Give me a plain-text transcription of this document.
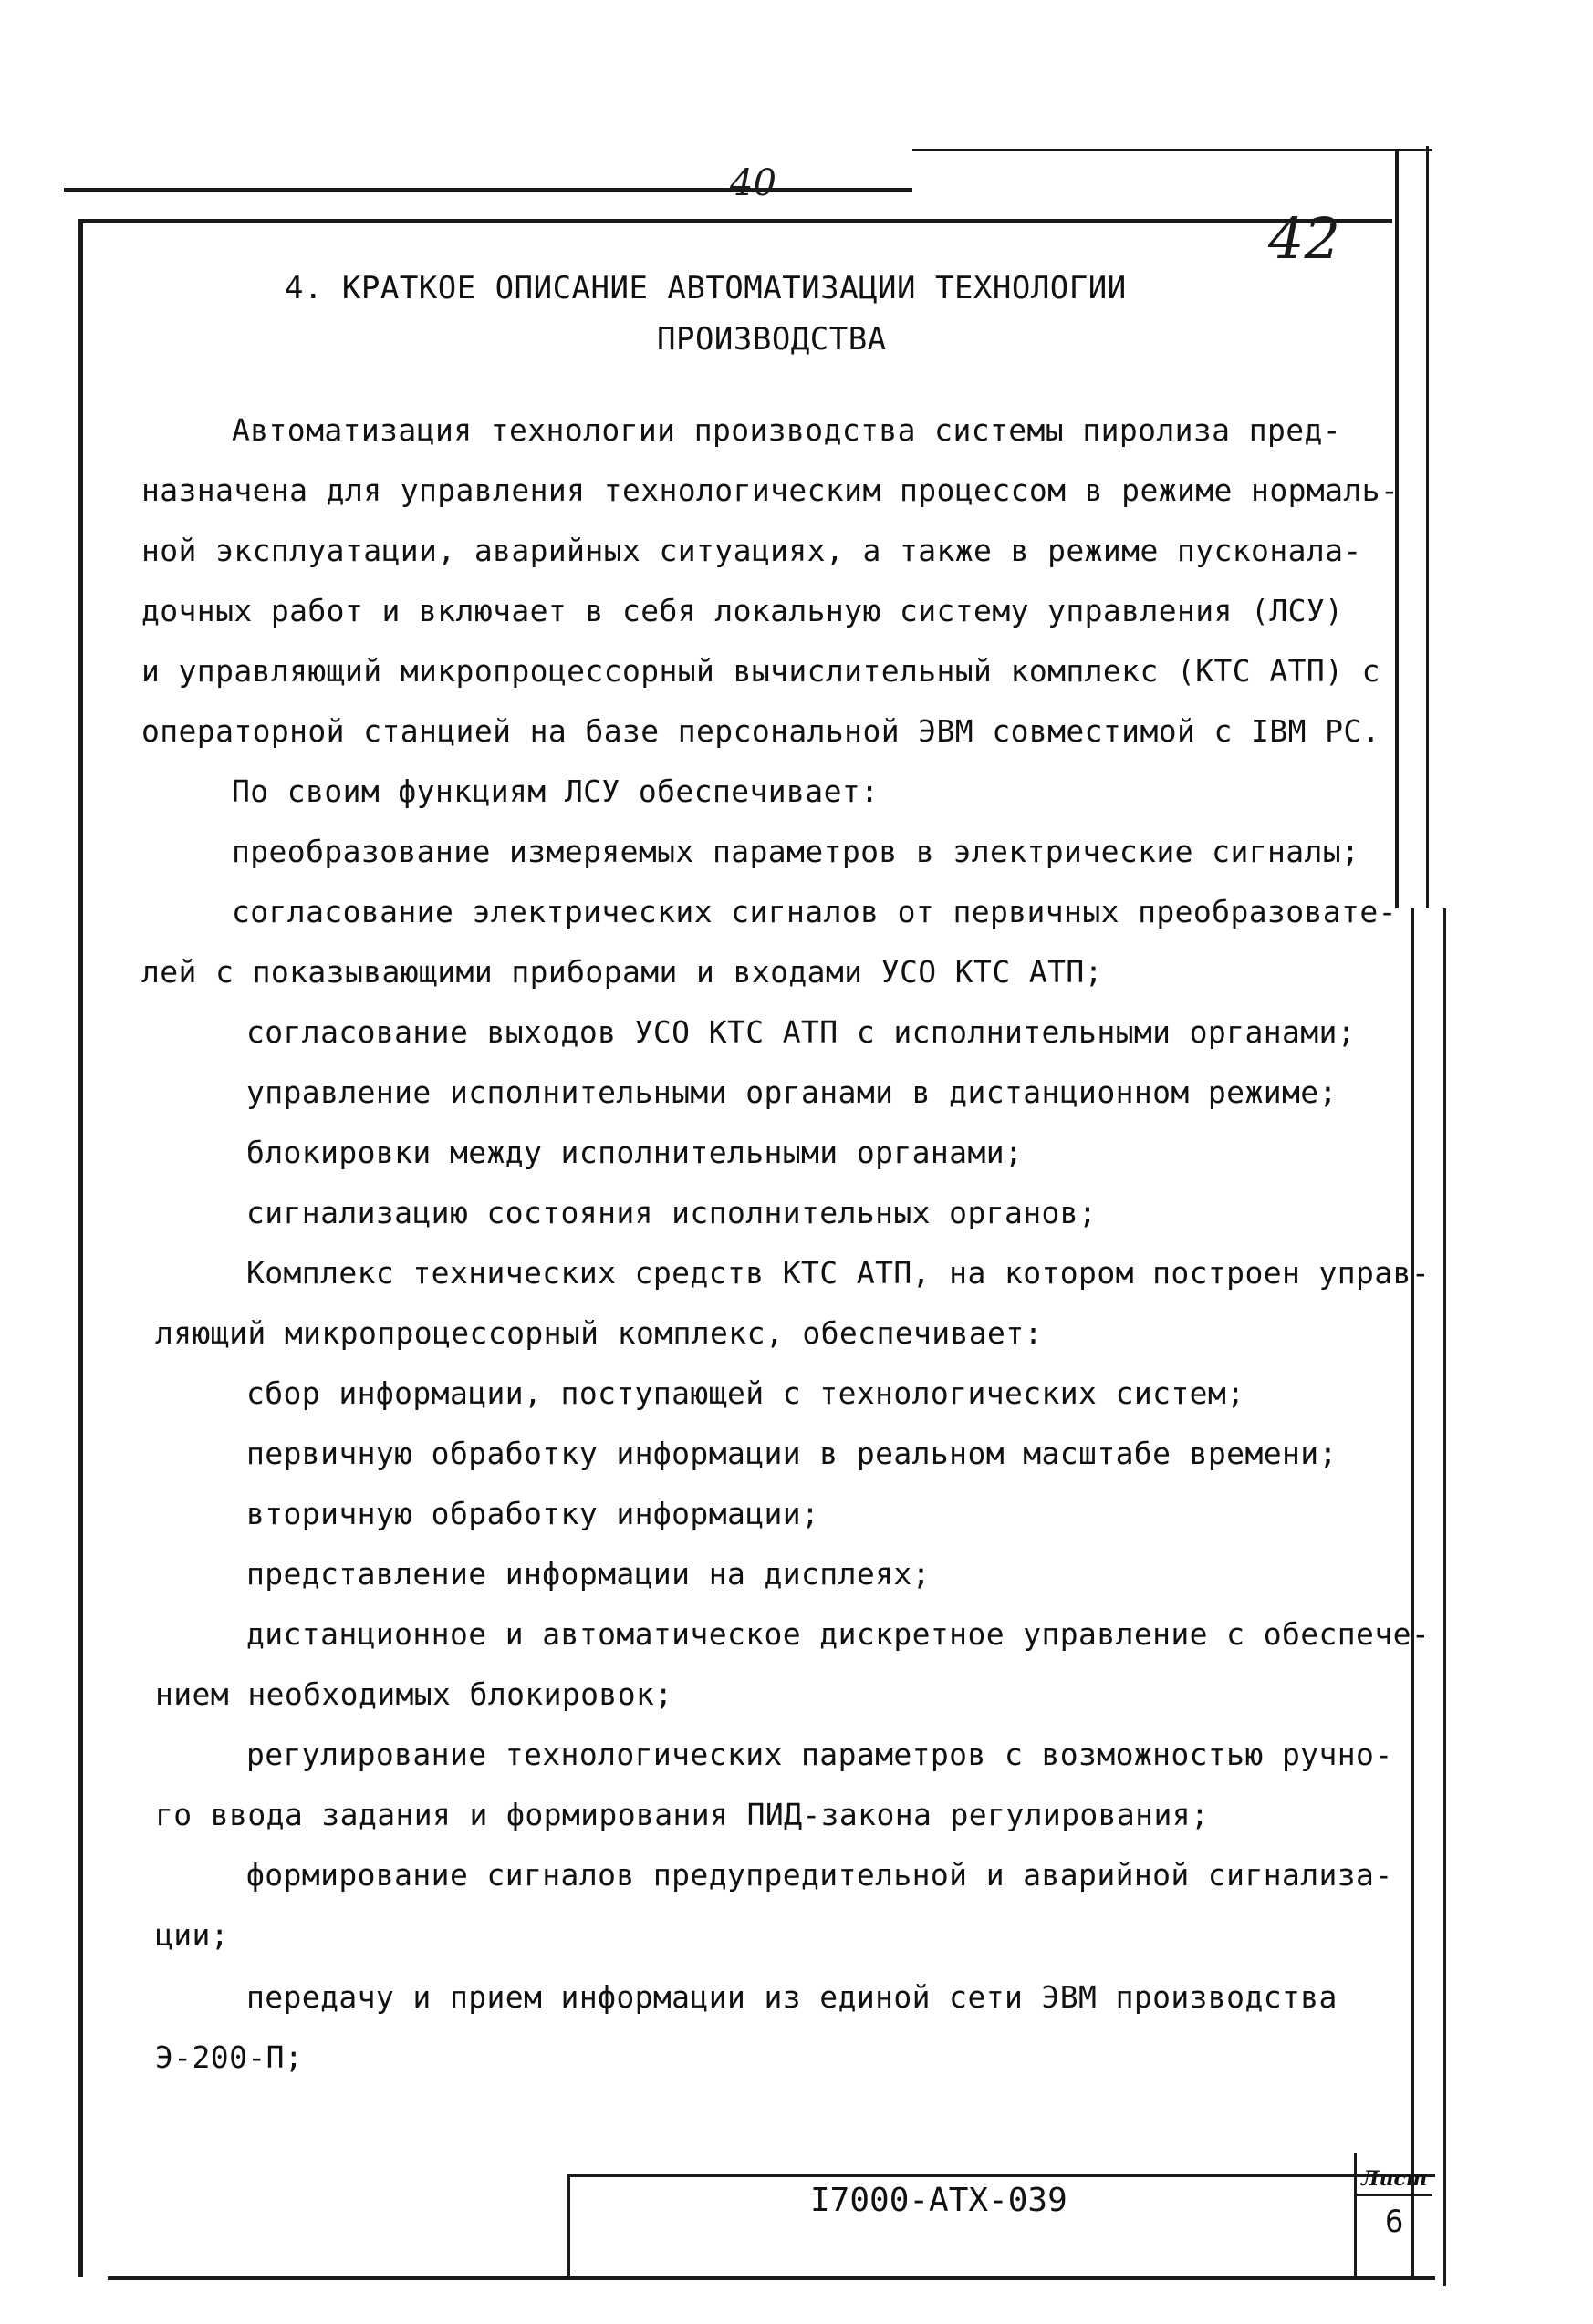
40
42
4. КРАТКОЕ ОПИСАНИЕ АВТОМАТИЗАЦИИ ТЕХНОЛОГИИ
ПРОИЗВОДСТВА
Автоматизация технологии производства системы пиролиза пред-
назначена для управления технологическим процессом в режиме нормаль-
ной эксплуатации, аварийных ситуациях, а также в режиме пусконала-
дочных работ и включает в себя локальную систему управления (ЛСУ)
и управляющий микропроцессорный вычислительный комплекс (КТС АТП) с
операторной станцией на базе персональной ЭВМ совместимой с IBM PC.
По своим функциям ЛСУ обеспечивает:
преобразование измеряемых параметров в электрические сигналы;
согласование электрических сигналов от первичных преобразовате-
лей с показывающими приборами и входами УСО КТС АТП;
согласование выходов УСО КТС АТП с исполнительными органами;
управление исполнительными органами в дистанционном режиме;
блокировки между исполнительными органами;
сигнализацию состояния исполнительных органов;
Комплекс технических средств КТС АТП, на котором построен управ-
ляющий микропроцессорный комплекс, обеспечивает:
сбор информации, поступающей с технологических систем;
первичную обработку информации в реальном масштабе времени;
вторичную обработку информации;
представление информации на дисплеях;
дистанционное и автоматическое дискретное управление с обеспече-
нием необходимых блокировок;
регулирование технологических параметров с возможностью ручно-
го ввода задания и формирования ПИД-закона регулирования;
формирование сигналов предупредительной и аварийной сигнализа-
ции;
передачу и прием информации из единой сети ЭВМ производства
Э-200-П;
I7000-АТХ-039
Лист
6
